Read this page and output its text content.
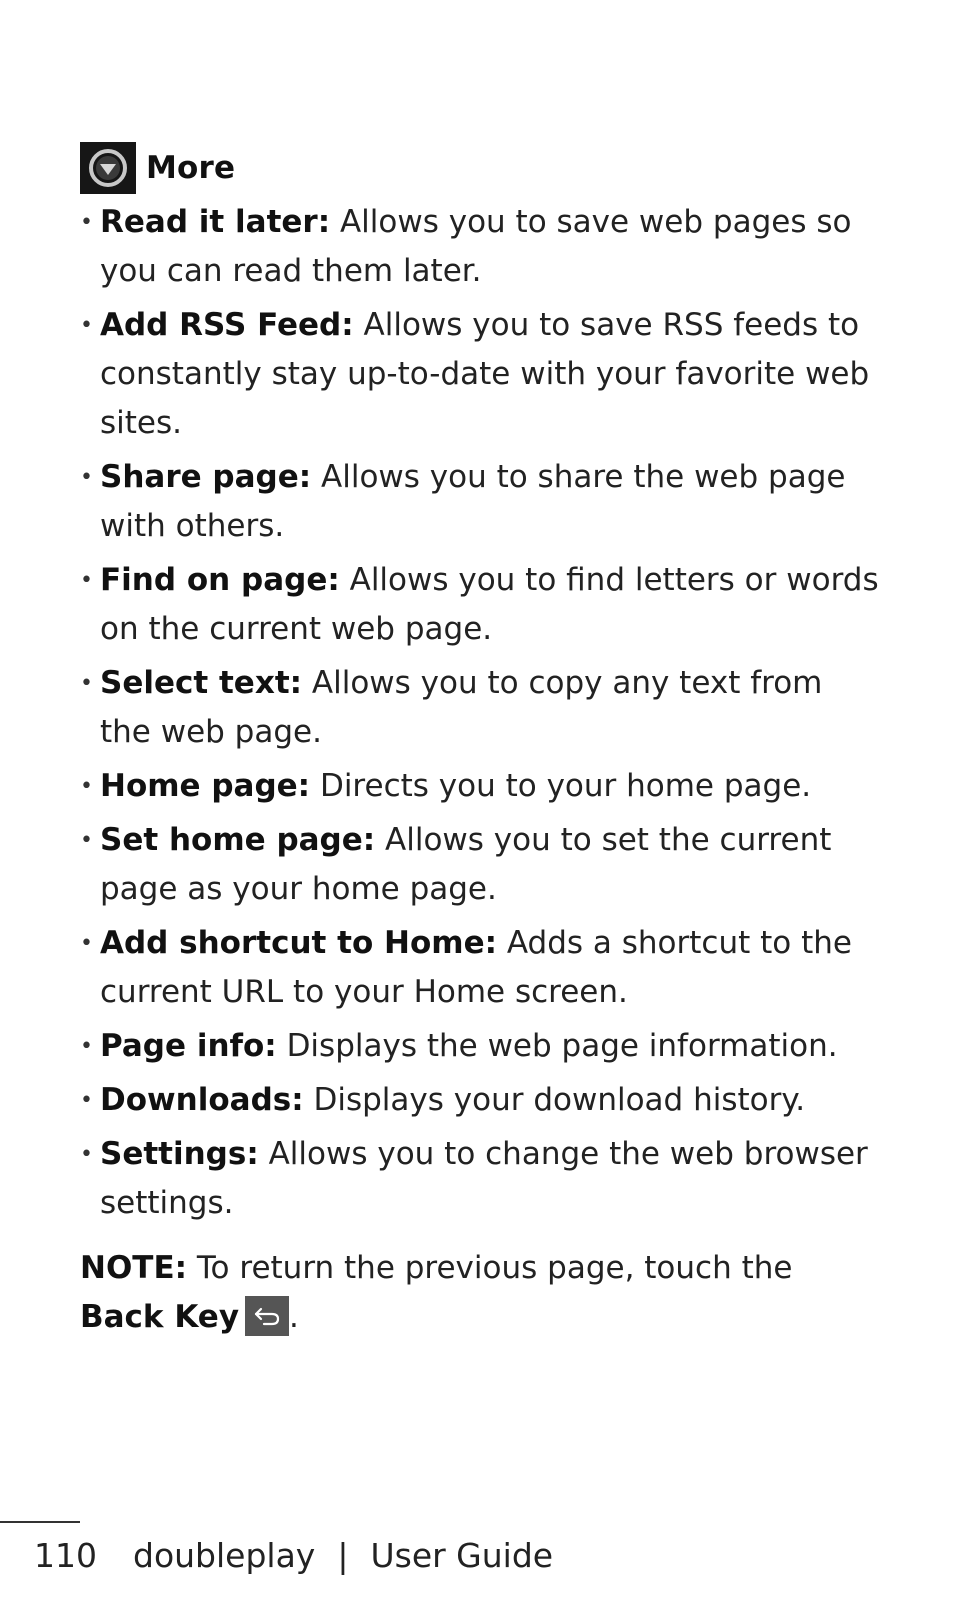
More
• Read it later: Allows you to save web pages so you can read them later.
• Add RSS Feed: Allows you to save RSS feeds to constantly stay up-to-date with your favorite web sites.
• Share page: Allows you to share the web page with others.
• Find on page: Allows you to find letters or words on the current web page.
• Select text: Allows you to copy any text from the web page.
• Home page: Directs you to your home page.
• Set home page: Allows you to set the current page as your home page.
• Add shortcut to Home: Adds a shortcut to the current URL to your Home screen.
• Page info: Displays the web page information.
• Downloads: Displays your download history.
• Settings: Allows you to change the web browser settings.
NOTE: To return the previous page, touch the Back Key .
110 doubleplay | User Guide
